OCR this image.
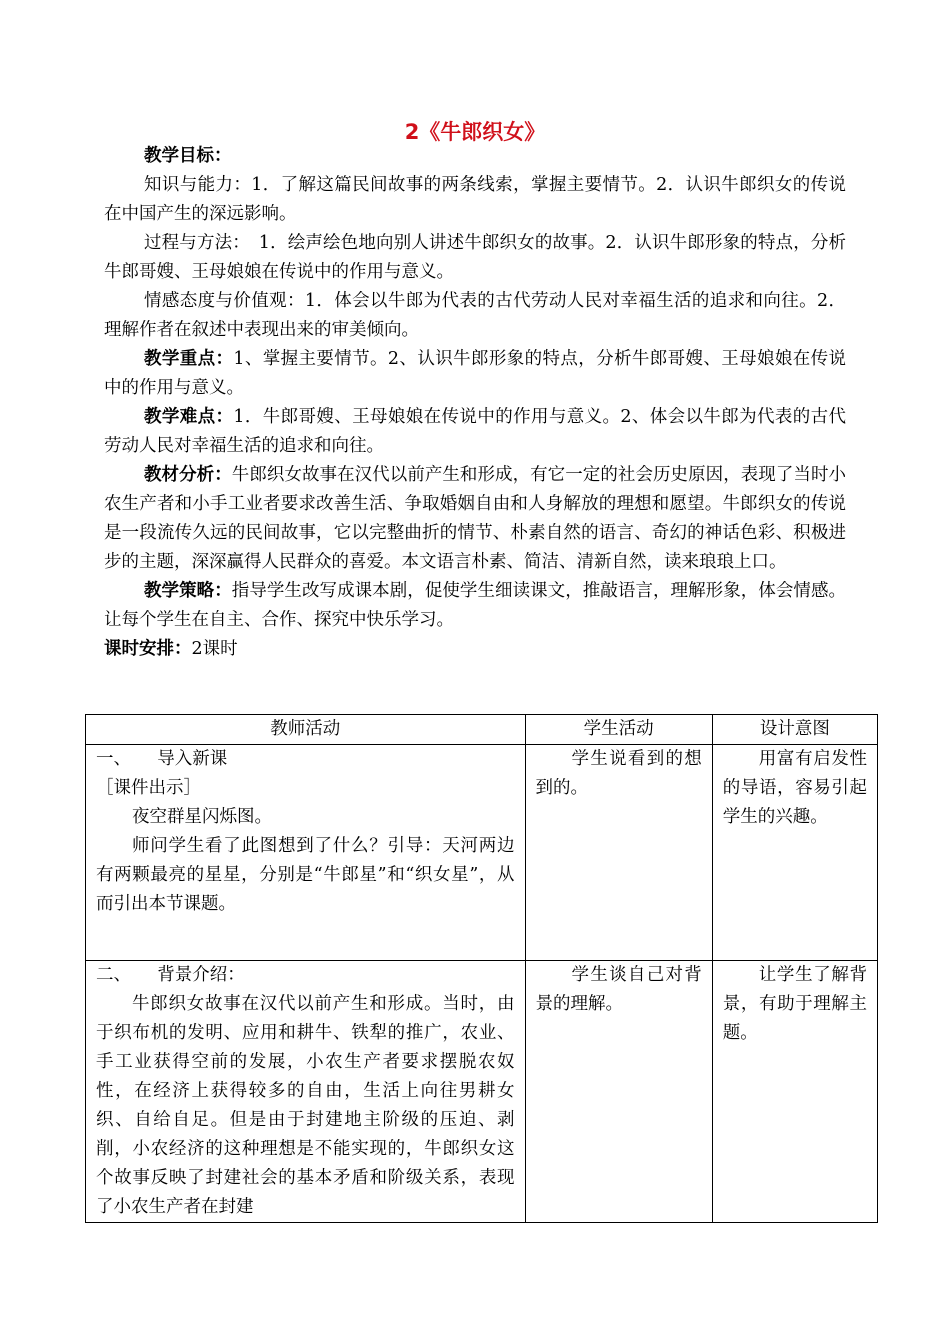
2《牛郎织女》

教学目标：

知识与能力：1．了解这篇民间故事的两条线索，掌握主要情节。2．认识牛郎织女的传说在中国产生的深远影响。

过程与方法：　1．绘声绘色地向别人讲述牛郎织女的故事。2．认识牛郎形象的特点，分析牛郎哥嫂、王母娘娘在传说中的作用与意义。

情感态度与价值观：1．体会以牛郎为代表的古代劳动人民对幸福生活的追求和向往。2．理解作者在叙述中表现出来的审美倾向。

教学重点：1、掌握主要情节。2、认识牛郎形象的特点，分析牛郎哥嫂、王母娘娘在传说中的作用与意义。

教学难点：1．牛郎哥嫂、王母娘娘在传说中的作用与意义。2、体会以牛郎为代表的古代劳动人民对幸福生活的追求和向往。

教材分析：牛郎织女故事在汉代以前产生和形成，有它一定的社会历史原因，表现了当时小农生产者和小手工业者要求改善生活、争取婚姻自由和人身解放的理想和愿望。牛郎织女的传说是一段流传久远的民间故事，它以完整曲折的情节、朴素自然的语言、奇幻的神话色彩、积极进步的主题，深深赢得人民群众的喜爱。本文语言朴素、简洁、清新自然，读来琅琅上口。

教学策略：指导学生改写成课本剧，促使学生细读课文，推敲语言，理解形象，体会情感。让每个学生在自主、合作、探究中快乐学习。

课时安排：2课时

教师活动	学生活动	设计意图

一、　　导入新课

［课件出示］

夜空群星闪烁图。

师问学生看了此图想到了什么？引导：天河两边有两颗最亮的星星，分别是“牛郎星”和“织女星”，从而引出本节课题。	学生说看到的想到的。	用富有启发性的导语，容易引起学生的兴趣。

二、　　背景介绍：

牛郎织女故事在汉代以前产生和形成。当时，由于织布机的发明、应用和耕牛、铁犁的推广，农业、手工业获得空前的发展，小农生产者要求摆脱农奴性，在经济上获得较多的自由，生活上向往男耕女织、自给自足。但是由于封建地主阶级的压迫、剥削，小农经济的这种理想是不能实现的，牛郎织女这个故事反映了封建社会的基本矛盾和阶级关系，表现了小农生产者在封建	学生谈自己对背景的理解。	让学生了解背景，有助于理解主题。
